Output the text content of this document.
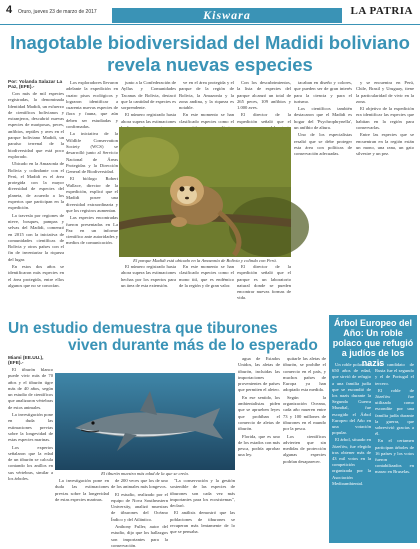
4 Oruro, jueves 23 de marzo de 2017	Kiswara	LA PATRIA
Inagotable biodiversidad del Madidi boliviano revela nuevas especies

Por: Yolanda Salazar La Paz, (EFE).-

Con más de mil especies registradas, la denominada Identidad Madidi, un esfuerzo de científicos bolivianos y extranjeros, descubrió nuevas especies de mariposas, peces, anfibios, reptiles y aves en el parque boliviano Madidi, un paraíso terrenal de la biodiversidad que está poco explorado.

Ubicado en la Amazonía de Bolivia y colindante con el Perú, el Madidi es el área protegida con la mayor diversidad de especies del planeta, de acuerdo a los expertos que participan en la expedición.

La travesía por regiones de nieve, bosques, pampas y selvas del Madidi, comenzó en 2015 con la iniciativa de comunidades científicas de Bolivia y otros países con el fin de inventariar la riqueza del lugar.

En estos dos años se identificaron más especies en el área protegida, entre ellos algunos que no se conocían.

Los exploradores llevaron adelante la expedición en cuatro pisos ecológicos y lograron identificar a cuarenta nuevas especies de flora y fauna, que aún deben ser estudiadas y confirmadas.

La iniciativa de la Wildlife Conservation Society (WCS) se desarrolló junto al Servicio Nacional de Áreas Protegidas y la Dirección General de Biodiversidad.

El biólogo Robert Wallace, director de la expedición, explicó que el Madidi posee una diversidad extraordinaria y que los registros aumentan.

Las especies encontradas fueron presentadas en La Paz en un informe científico ante autoridades y medios de comunicación.

junto a la Confederación de Ayllus y Comunidades Tacanas de Bolivia, destacó que la cantidad de especies es sorprendente.

El número registrado hasta ahora supera las estimaciones

ve en el área protegida y el parque de la región de Bolivia, la Amazonía y la zona andina, y la riqueza es notable.

En este momento se han clasificado especies como el

Con los descubrimientos, la lista de especies del parque alcanzó un total de 265 peces, 109 anfibios y 1.000 aves.

El director de la expedición señaló que el

tacaban en diseño y colores, que pueden ser de gran interés para la ciencia y para el turismo.

Los científicos también destacaron que el Madidi es hogar del 'Psychrophrynella', un anfibio de altura.

Uno de los especialistas resaltó que se debe proteger esta área con políticas de conservación adecuadas.

y se encuentra en Perú, Chile, Brasil y Uruguay, tiene la particularidad de vivir en la zona.

El objetivo de la expedición era identificar las especies que habitan en la región para conservarlas.

Entre las especies que se encuentran en la región están un mono, una rana, un gato silvestre y un pez.

El número registrado hasta ahora supera las estimaciones hechas por los expertos para un área de esta extensión.

En este momento se han clasificado especies como el mono tití, que es endémico de la región y de gran valor.

El director de la expedición señaló que el parque es un laboratorio natural donde se pueden encontrar nuevas formas de vida.

El parque Madidi está ubicado en la Amazonía de Bolivia y colinda con Perú.
Un estudio demuestra que tiburones
viven durante más de lo esperado

Miami (EE.UU.), (EFE).-

El tiburón blanco puede vivir más de 70 años y el tiburón tigre más de 40 años, según un estudio de científicos que analizaron vértebras de estos animales.

La investigación pone en duda las estimaciones previas sobre la longevidad de estas especies marinas.

Los expertos señalaron que la edad de un tiburón se calcula contando los anillos en sus vértebras, similar a los árboles.	de 200 veces que los de uno de los animales más longevos.

El estudio, realizado por el equipo de Nova Southeastern University, analizó muestras de tiburones del Océano Índico y del Atlántico.

Anthony Fuller, autor del estudio, dijo que los hallazgos son importantes para la conservación.

La investigación pone en duda las estimaciones previas sobre la longevidad de estas especies marinas.

"La conservación y la gestión sostenible de las especies de tiburones son cada vez más importantes para los ecosistemas", declaró.

El análisis demostró que las poblaciones de tiburones se recuperan más lentamente de lo que se pensaba.

agua de Estados Unidos, las aletas de tiburón, incluidas las importaciones provenientes de países que permiten el aleteo.

En ese sentido, los ambientalistas piden que se aprueben leyes que prohíban el comercio de aletas de tiburón.

Florida, que es uno de los estados con más pesca, podría aprobar una ley.

quitarle las aletas de tiburón, se prohíbe el comercio en el país, y muchos países de Europa ya han adoptado esta medida.

Según la organización Oceana, cada año mueren entre 73 y 100 millones de tiburones en el mundo por la pesca.

Los científicos advierten que sin medidas de protección algunas especies podrían desaparecer.

El tiburón muestra más edad de la que se creía.
Árbol Europeo del Año: Un roble polaco que refugió a judíos de los nazis

Un roble polaco de 650 años de edad, que sirvió de refugio a una familia judía que se escondió de los nazis durante la Segunda Guerra Mundial, fue escogido el Árbol Europeo del Año en una votación popular.

El árbol, situado en Józefów, fue elegido tras obtener más de 43 mil votos en la competición organizada por la Asociación Medioambiental.

El candidato de Rusia fue el segundo y el de Portugal el tercero.

El roble de Józefów fue utilizado como escondite por una familia judía durante la guerra, que sobrevivió gracias a él.

En el certamen participan árboles de 16 países y los votos fueron contabilizados en marzo en Bruselas.
